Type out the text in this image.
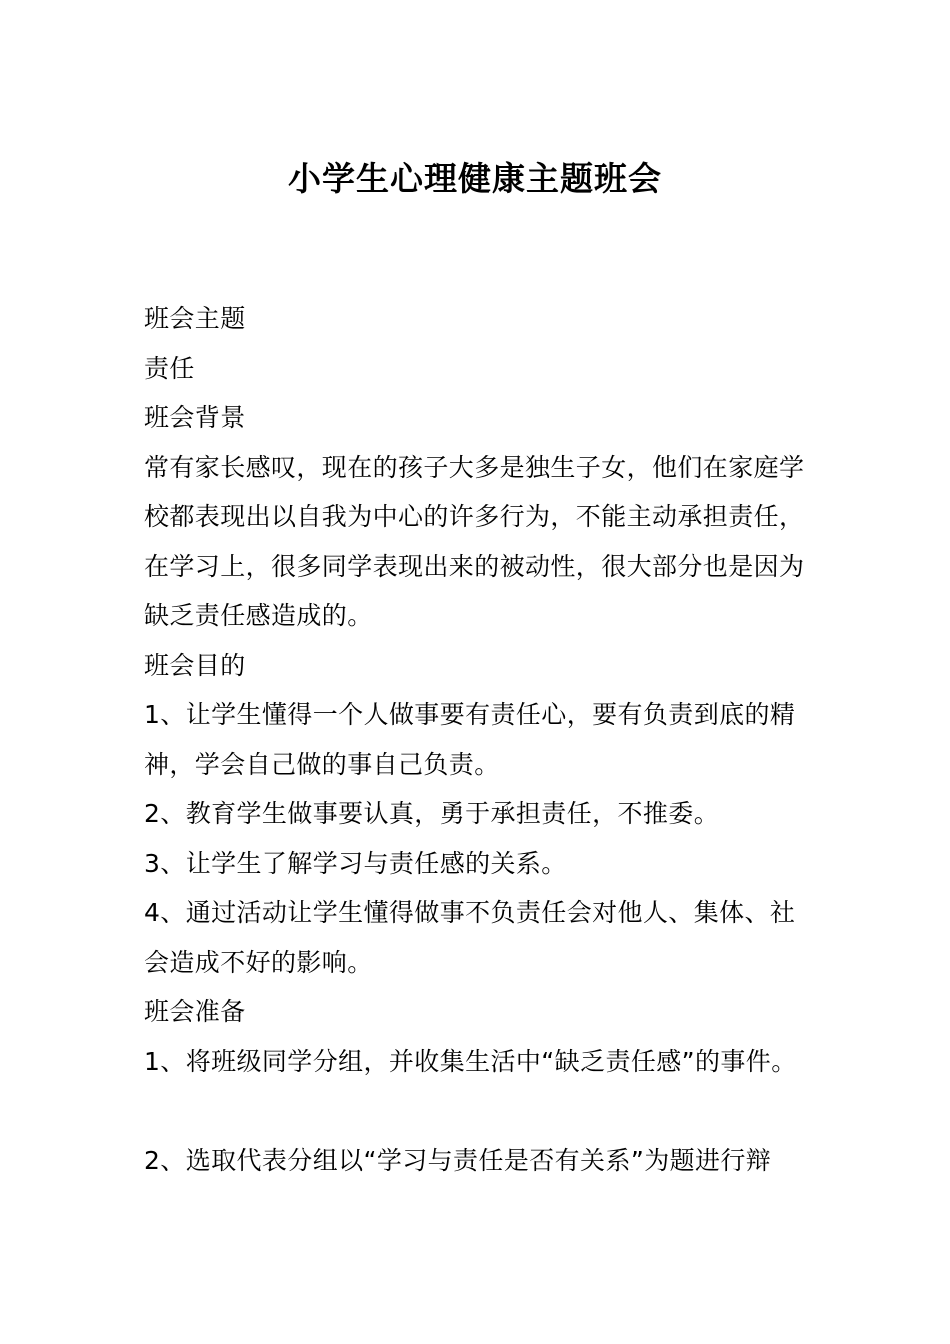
小学生心理健康主题班会

班会主题

责任

班会背景

常有家长感叹，现在的孩子大多是独生子女，他们在家庭学校都表现出以自我为中心的许多行为，不能主动承担责任，在学习上，很多同学表现出来的被动性，很大部分也是因为缺乏责任感造成的。

班会目的

1、让学生懂得一个人做事要有责任心，要有负责到底的精神，学会自己做的事自己负责。

2、教育学生做事要认真，勇于承担责任，不推委。

3、让学生了解学习与责任感的关系。

4、通过活动让学生懂得做事不负责任会对他人、集体、社会造成不好的影响。

班会准备

1、将班级同学分组，并收集生活中“缺乏责任感”的事件。

2、选取代表分组以“学习与责任是否有关系”为题进行辩
